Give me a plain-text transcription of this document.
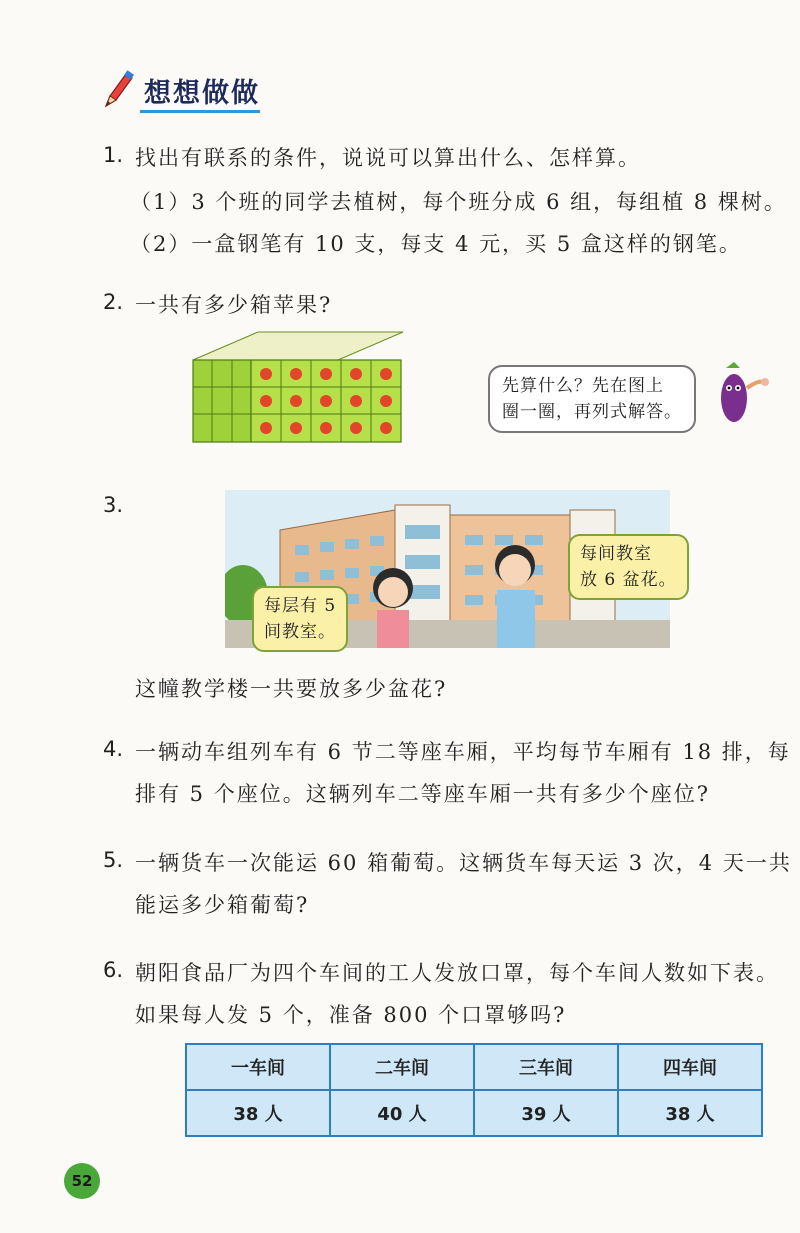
想想做做
1. 找出有联系的条件，说说可以算出什么、怎样算。
（1）3 个班的同学去植树，每个班分成 6 组，每组植 8 棵树。
（2）一盒钢笔有 10 支，每支 4 元，买 5 盒这样的钢笔。
2. 一共有多少箱苹果?
先算什么？先在图上
圈一圈，再列式解答。
3.
每层有 5
间教室。
每间教室
放 6 盆花。
这幢教学楼一共要放多少盆花?
4. 一辆动车组列车有 6 节二等座车厢，平均每节车厢有 18 排，每
排有 5 个座位。这辆列车二等座车厢一共有多少个座位?
5. 一辆货车一次能运 60 箱葡萄。这辆货车每天运 3 次，4 天一共
能运多少箱葡萄?
6. 朝阳食品厂为四个车间的工人发放口罩，每个车间人数如下表。
如果每人发 5 个，准备 800 个口罩够吗?
一车间	二车间	三车间	四车间
38 人	40 人	39 人	38 人
52
